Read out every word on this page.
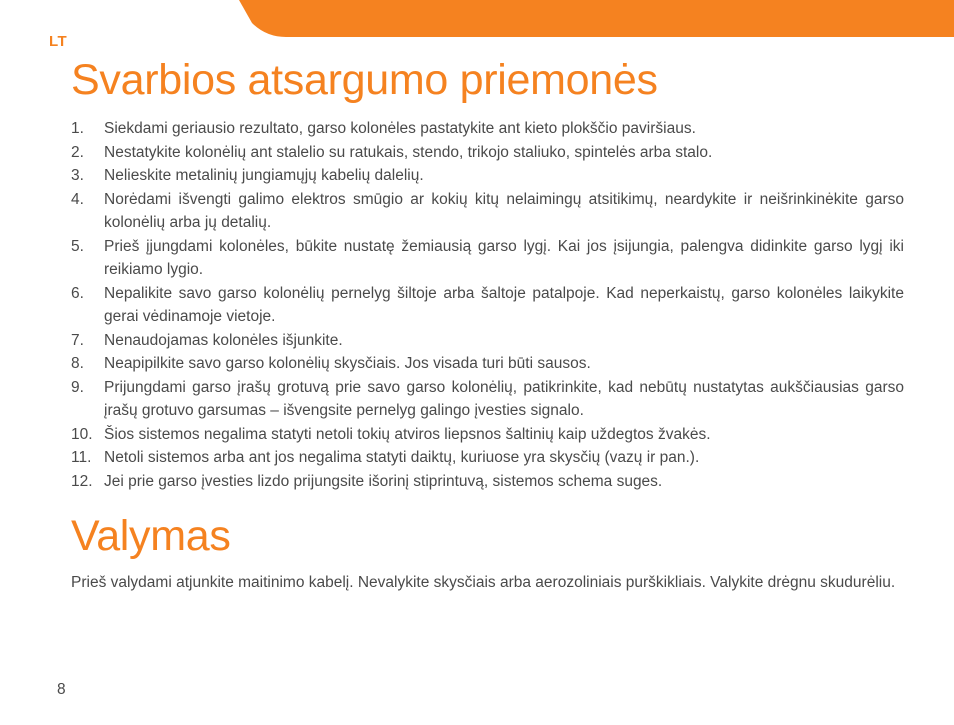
LT
Svarbios atsargumo priemonės
1. Siekdami geriausio rezultato, garso kolonėles pastatykite ant kieto plokščio paviršiaus.
2. Nestatykite kolonėlių ant stalelio su ratukais, stendo, trikojo staliuko, spintelės arba stalo.
3. Nelieskite metalinių jungiamųjų kabelių dalelių.
4. Norėdami išvengti galimo elektros smūgio ar kokių kitų nelaimingų atsitikimų, neardykite ir neišrinkinėkite garso kolonėlių arba jų detalių.
5. Prieš įjungdami kolonėles, būkite nustatę žemiausią garso lygį. Kai jos įsijungia, palengva didinkite garso lygį iki reikiamo lygio.
6. Nepalikite savo garso kolonėlių pernelyg šiltoje arba šaltoje patalpoje. Kad neperkaistų, garso kolonėles laikykite gerai vėdinamoje vietoje.
7. Nenaudojamas kolonėles išjunkite.
8. Neapipilkite savo garso kolonėlių skysčiais. Jos visada turi būti sausos.
9. Prijungdami garso įrašų grotuvą prie savo garso kolonėlių, patikrinkite, kad nebūtų nustatytas aukščiausias garso įrašų grotuvo garsumas – išvengsite pernelyg galingo įvesties signalo.
10. Šios sistemos negalima statyti netoli tokių atviros liepsnos šaltinių kaip uždegtos žvakės.
11. Netoli sistemos arba ant jos negalima statyti daiktų, kuriuose yra skysčių (vazų ir pan.).
12. Jei prie garso įvesties lizdo prijungsite išorinį stiprintuvą, sistemos schema suges.
Valymas

Prieš valydami atjunkite maitinimo kabelį. Nevalykite skysčiais arba aerozoliniais purškikliais. Valykite drėgnu skudurėliu.

8
